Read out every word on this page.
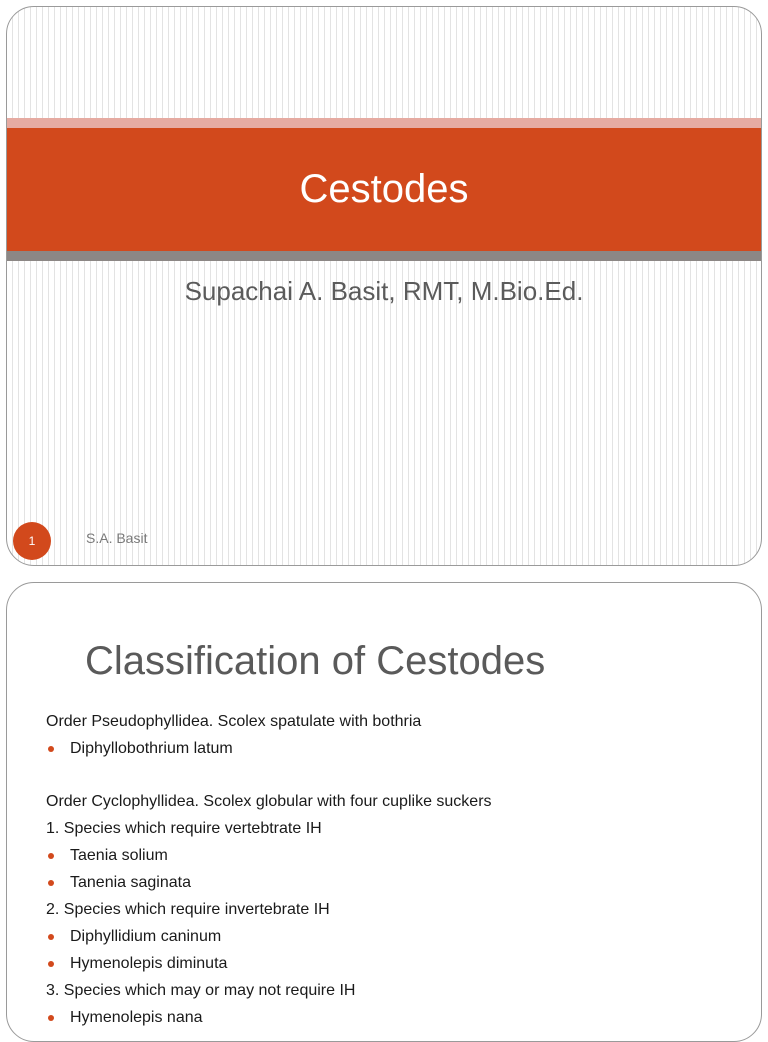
Cestodes
Supachai A. Basit, RMT, M.Bio.Ed.
1	S.A. Basit
Classification of Cestodes
Order Pseudophyllidea. Scolex spatulate with bothria
Diphyllobothrium latum
Order Cyclophyllidea. Scolex globular with four cuplike suckers
1. Species which require vertebtrate IH
Taenia solium
Tanenia saginata
2. Species which require invertebrate IH
Diphyllidium caninum
Hymenolepis diminuta
3. Species which may or may not require IH
Hymenolepis nana
